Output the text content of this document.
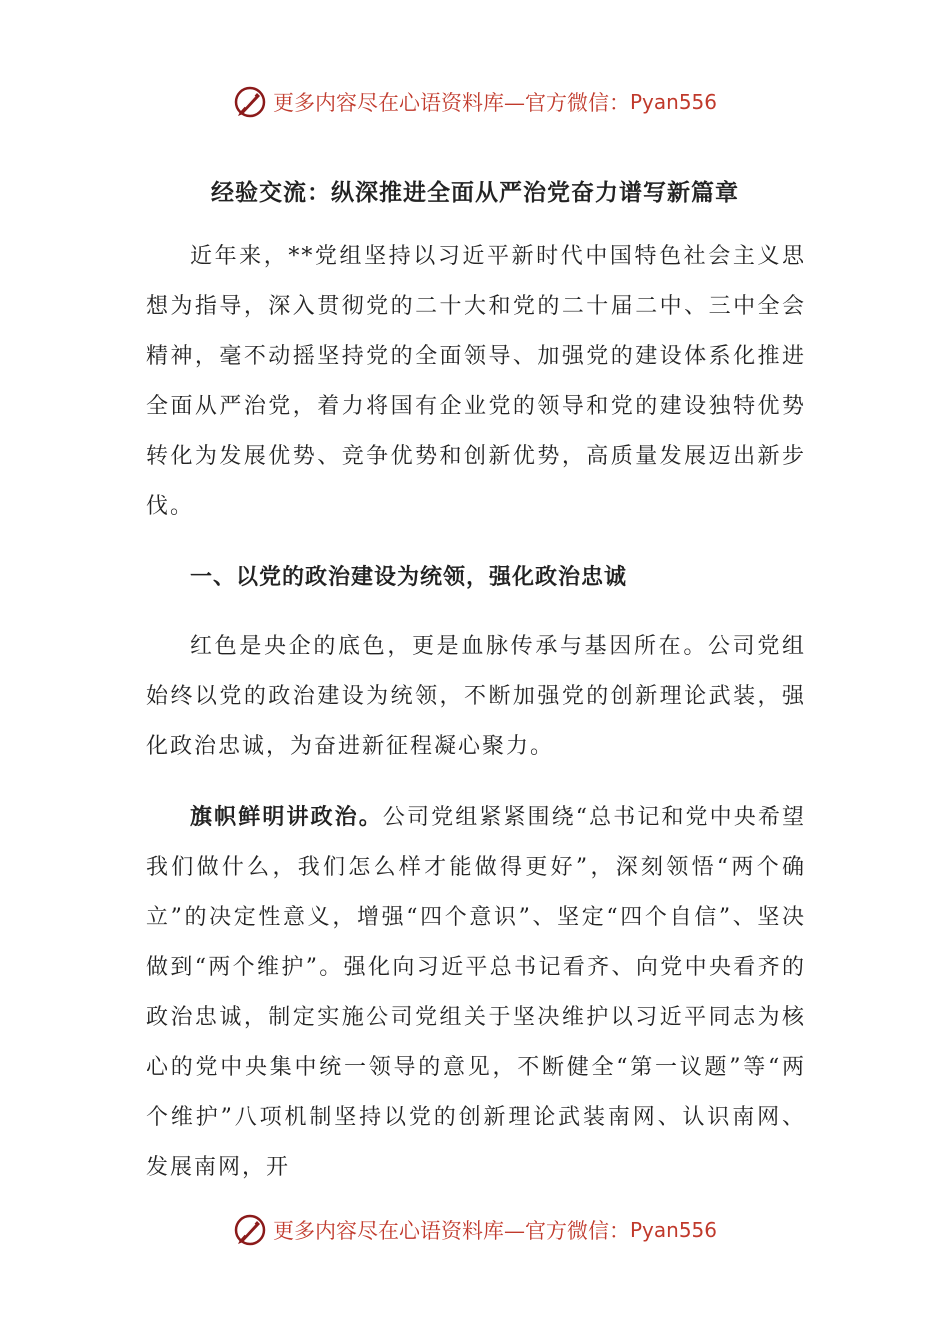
更多内容尽在心语资料库—官方微信： Pyan556
经验交流：纵深推进全面从严治党奋力谱写新篇章

近年来，**党组坚持以习近平新时代中国特色社会主义思想为指导，深入贯彻党的二十大和党的二十届二中、三中全会精神，毫不动摇坚持党的全面领导、加强党的建设体系化推进全面从严治党，着力将国有企业党的领导和党的建设独特优势转化为发展优势、竞争优势和创新优势，高质量发展迈出新步伐。

一、以党的政治建设为统领，强化政治忠诚

红色是央企的底色，更是血脉传承与基因所在。公司党组始终以党的政治建设为统领，不断加强党的创新理论武装，强化政治忠诚，为奋进新征程凝心聚力。

旗帜鲜明讲政治。公司党组紧紧围绕“总书记和党中央希望我们做什么，我们怎么样才能做得更好”，深刻领悟“两个确立”的决定性意义，增强“四个意识”、坚定“四个自信”、坚决做到“两个维护”。强化向习近平总书记看齐、向党中央看齐的政治忠诚，制定实施公司党组关于坚决维护以习近平同志为核心的党中央集中统一领导的意见，不断健全“第一议题”等“两个维护”八项机制坚持以党的创新理论武装南网、认识南网、发展南网，开

更多内容尽在心语资料库—官方微信： Pyan556
